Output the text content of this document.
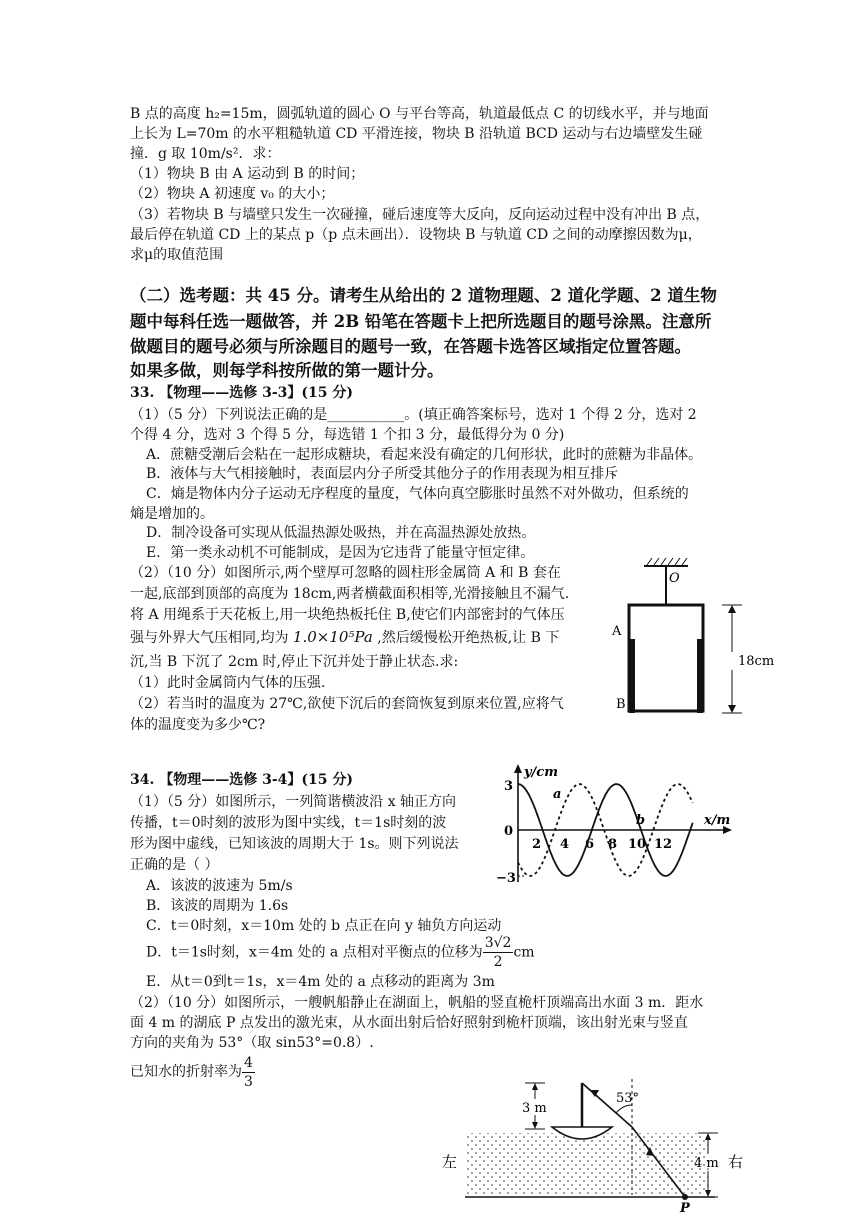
B 点的高度 h₂=15m，圆弧轨道的圆心 O 与平台等高，轨道最低点 C 的切线水平，并与地面
上长为 L=70m 的水平粗糙轨道 CD 平滑连接，物块 B 沿轨道 BCD 运动与右边墙壁发生碰
撞．g 取 10m/s²．求：
（1）物块 B 由 A 运动到 B 的时间；
（2）物块 A 初速度 v₀ 的大小；
（3）若物块 B 与墙壁只发生一次碰撞，碰后速度等大反向，反向运动过程中没有冲出 B 点，
最后停在轨道 CD 上的某点 p（p 点未画出）．设物块 B 与轨道 CD 之间的动摩擦因数为μ，
求μ的取值范围
（二）选考题：共 45 分。请考生从给出的 2 道物理题、2 道化学题、2 道生物
题中每科任选一题做答，并 2B 铅笔在答题卡上把所选题目的题号涂黑。注意所
做题目的题号必须与所涂题目的题号一致，在答题卡选答区域指定位置答题。
如果多做，则每学科按所做的第一题计分。
33. 【物理——选修 3-3】(15 分)
（1）（5 分）下列说法正确的是___________。(填正确答案标号，选对 1 个得 2 分，选对 2
个得 4 分，选对 3 个得 5 分，每选错 1 个扣 3 分，最低得分为 0 分)
A．蔗糖受潮后会粘在一起形成糖块，看起来没有确定的几何形状，此时的蔗糖为非晶体。
B．液体与大气相接触时，表面层内分子所受其他分子的作用表现为相互排斥
C．熵是物体内分子运动无序程度的量度，气体向真空膨胀时虽然不对外做功，但系统的
熵是增加的。
D．制冷设备可实现从低温热源处吸热，并在高温热源处放热。
E．第一类永动机不可能制成，是因为它违背了能量守恒定律。
（2）（10 分）如图所示,两个壁厚可忽略的圆柱形金属筒 A 和 B 套在
一起,底部到顶部的高度为 18cm,两者横截面积相等,光滑接触且不漏气.
将 A 用绳系于天花板上,用一块绝热板托住 B,使它们内部密封的气体压
强与外界大气压相同,均为 1.0×10⁵Pa ,然后缓慢松开绝热板,让 B 下
沉,当 B 下沉了 2cm 时,停止下沉并处于静止状态.求:
（1）此时金属筒内气体的压强.
（2）若当时的温度为 27℃,欲使下沉后的套筒恢复到原来位置,应将气
体的温度变为多少℃?
O
A
B
18cm
34. 【物理——选修 3-4】(15 分)
（1）（5 分）如图所示，一列简谐横波沿 x 轴正方向
传播，t＝0时刻的波形为图中实线，t＝1s时刻的波
形为图中虚线，已知该波的周期大于 1s。则下列说法
正确的是（ ）
A．该波的波速为 5m/s
B．该波的周期为 1.6s
C．t＝0时刻，x＝10m 处的 b 点正在向 y 轴负方向运动
D．t＝1s时刻，x＝4m 处的 a 点相对平衡点的位移为 $\frac{3√2}{2}$ cm
E．从t＝0到t＝1s，x＝4m 处的 a 点移动的距离为 3m
（2）（10 分）如图所示，一艘帆船静止在湖面上，帆船的竖直桅杆顶端高出水面 3 m．距水
面 4 m 的湖底 P 点发出的激光束，从水面出射后恰好照射到桅杆顶端，该出射光束与竖直
方向的夹角为 53°（取 sin53°=0.8）.
已知水的折射率为 $\frac{4}{3}$
y/cm
x/m
3
0
−3
2 4 6 8 10 12
a
b
3 m
53°
P
4 m
左	右
